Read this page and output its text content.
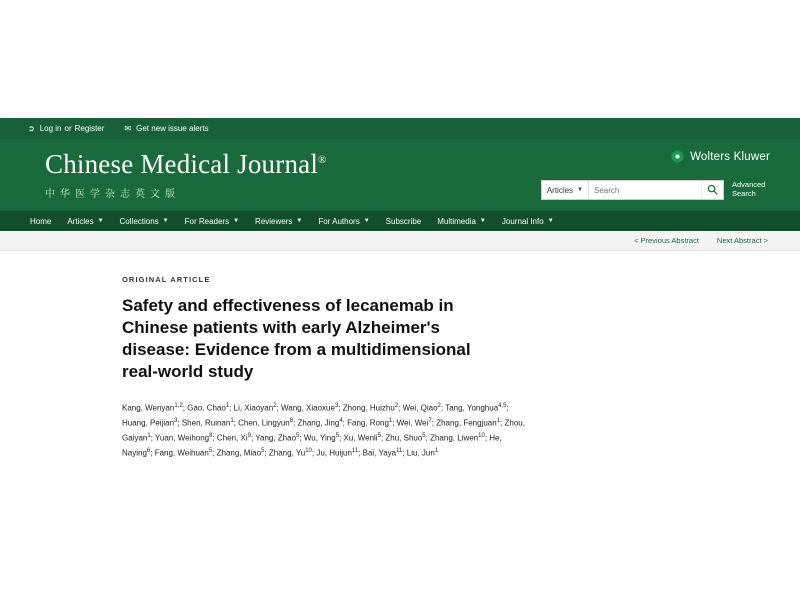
➲ Log in or Register	✉ Get new issue alerts
Chinese Medical Journal®
中华医学杂志英文版
Wolters Kluwer
Articles ▼
Search
Advanced
Search
Home Articles ▼ Collections ▼ For Readers ▼ Reviewers ▼ For Authors ▼ Subscribe Multimedia ▼ Journal Info ▼
< Previous Abstract Next Abstract >
ORIGINAL ARTICLE
Safety and effectiveness of lecanemab in Chinese patients with early Alzheimer's disease: Evidence from a multidimensional real-world study
Kang, Wenyan$^{1,2}$; Gao, Chao$^1$; Li, Xiaoyan$^2$; Wang, Xiaoxue$^3$; Zhong, Huizhu$^2$; Wei, Qiao$^2$; Tang, Yonghua$^{4,5}$; Huang, Peijian$^3$; Shen, Ruinan$^1$; Chen, Lingyun$^6$; Zhang, Jing$^4$; Fang, Rong$^1$; Wei, Wei$^7$; Zhang, Fengjuan$^1$; Zhou, Gaiyan$^1$; Yuan, Weihong$^8$; Chen, Xi$^9$; Yang, Zhao$^5$; Wu, Ying$^5$; Xu, Wenli$^5$; Zhu, Shuo$^5$; Zhang, Liwen$^{10}$; He, Naying$^6$; Fang, Weihuan$^5$; Zhang, Miao$^5$; Zhang, Yu$^{10}$; Ju, Huijun$^{11}$; Bai, Yaya$^{11}$; Liu, Jun$^1$
